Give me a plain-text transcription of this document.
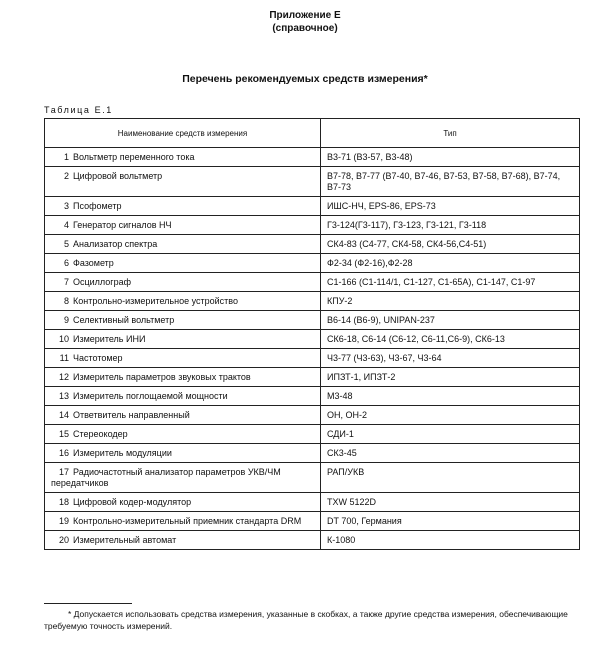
Приложение Е
(справочное)
Перечень рекомендуемых средств измерения*
Таблица Е.1
Наименование средств измерения	Тип
1 Вольтметр переменного тока	В3-71 (В3-57, В3-48)
2 Цифровой вольтметр	В7-78, В7-77 (В7-40, В7-46, В7-53, В7-58, В7-68), В7-74, В7-73
3 Псофометр	ИШС-НЧ, EPS-86, EPS-73
4 Генератор сигналов НЧ	Г3-124(Г3-117), Г3-123, Г3-121, Г3-118
5 Анализатор спектра	СК4-83 (С4-77, СК4-58, СК4-56,С4-51)
6 Фазометр	Ф2-34 (Ф2-16),Ф2-28
7 Осциллограф	С1-166 (С1-114/1, С1-127, С1-65А), С1-147, С1-97
8 Контрольно-измерительное устройство	КПУ-2
9 Селективный вольтметр	В6-14 (В6-9), UNIPAN-237
10 Измеритель ИНИ	СК6-18, С6-14 (С6-12, С6-11,С6-9), СК6-13
11 Частотомер	Ч3-77 (Ч3-63), Ч3-67, Ч3-64
12 Измеритель параметров звуковых трактов	ИПЗТ-1, ИПЗТ-2
13 Измеритель поглощаемой мощности	М3-48
14 Ответвитель направленный	ОН, ОН-2
15 Стереокодер	СДИ-1
16 Измеритель модуляции	СК3-45
17 Радиочастотный анализатор параметров УКВ/ЧМ передатчиков	РАП/УКВ
18 Цифровой кодер-модулятор	TXW 5122D
19 Контрольно-измерительный приемник стандарта DRM	DT 700, Германия
20 Измерительный автомат	К-1080
* Допускается использовать средства измерения, указанные в скобках, а также другие средства измерения, обеспечивающие требуемую точность измерений.
